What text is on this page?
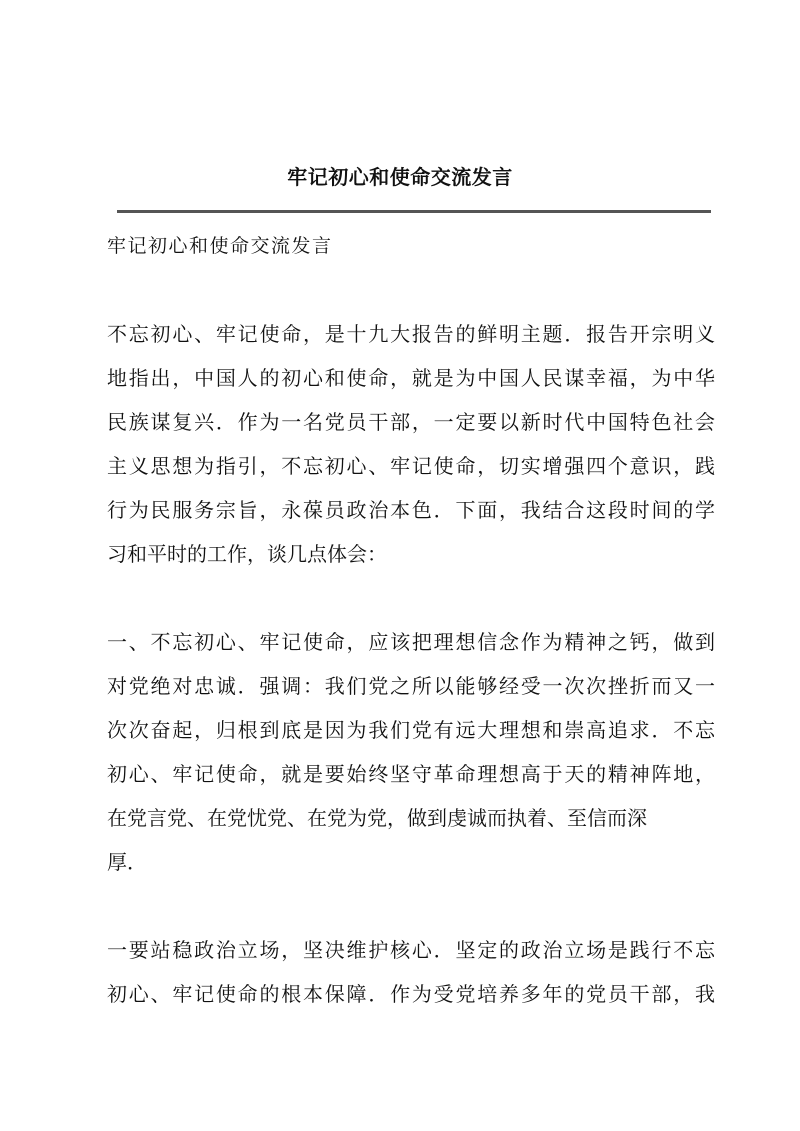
牢记初心和使命交流发言

牢记初心和使命交流发言

不忘初心、牢记使命，是十九大报告的鲜明主题．报告开宗明义
地指出，中国人的初心和使命，就是为中国人民谋幸福，为中华
民族谋复兴．作为一名党员干部，一定要以新时代中国特色社会
主义思想为指引，不忘初心、牢记使命，切实增强四个意识，践
行为民服务宗旨，永葆员政治本色．下面，我结合这段时间的学
习和平时的工作，谈几点体会：
一、不忘初心、牢记使命，应该把理想信念作为精神之钙，做到
对党绝对忠诚．强调：我们党之所以能够经受一次次挫折而又一
次次奋起，归根到底是因为我们党有远大理想和崇高追求．不忘
初心、牢记使命，就是要始终坚守革命理想高于天的精神阵地，
在党言党、在党忧党、在党为党，做到虔诚而执着、至信而深
厚．
一要站稳政治立场，坚决维护核心．坚定的政治立场是践行不忘
初心、牢记使命的根本保障．作为受党培养多年的党员干部，我
